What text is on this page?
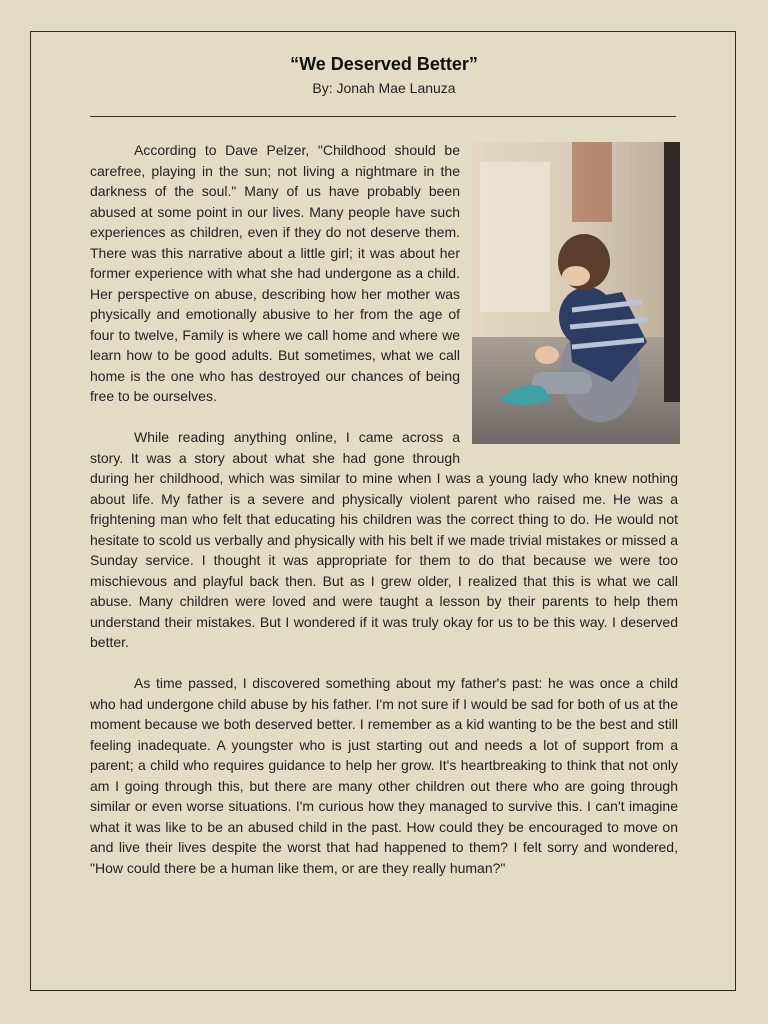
“We Deserved Better”
By: Jonah Mae Lanuza

According to Dave Pelzer, "Childhood should be carefree, playing in the sun; not living a nightmare in the darkness of the soul." Many of us have probably been abused at some point in our lives. Many people have such experiences as children, even if they do not deserve them. There was this narrative about a little girl; it was about her former experience with what she had undergone as a child. Her perspective on abuse, describing how her mother was physically and emotionally abusive to her from the age of four to twelve, Family is where we call home and where we learn how to be good adults. But sometimes, what we call home is the one who has destroyed our chances of being free to be ourselves.

While reading anything online, I came across a story. It was a story about what she had gone through during her childhood, which was similar to mine when I was a young lady who knew nothing about life. My father is a severe and physically violent parent who raised me. He was a frightening man who felt that educating his children was the correct thing to do. He would not hesitate to scold us verbally and physically with his belt if we made trivial mistakes or missed a Sunday service. I thought it was appropriate for them to do that because we were too mischievous and playful back then. But as I grew older, I realized that this is what we call abuse. Many children were loved and were taught a lesson by their parents to help them understand their mistakes. But I wondered if it was truly okay for us to be this way. I deserved better.

As time passed, I discovered something about my father's past: he was once a child who had undergone child abuse by his father. I'm not sure if I would be sad for both of us at the moment because we both deserved better. I remember as a kid wanting to be the best and still feeling inadequate. A youngster who is just starting out and needs a lot of support from a parent; a child who requires guidance to help her grow. It's heartbreaking to think that not only am I going through this, but there are many other children out there who are going through similar or even worse situations. I'm curious how they managed to survive this. I can't imagine what it was like to be an abused child in the past. How could they be encouraged to move on and live their lives despite the worst that had happened to them? I felt sorry and wondered, "How could there be a human like them, or are they really human?"
